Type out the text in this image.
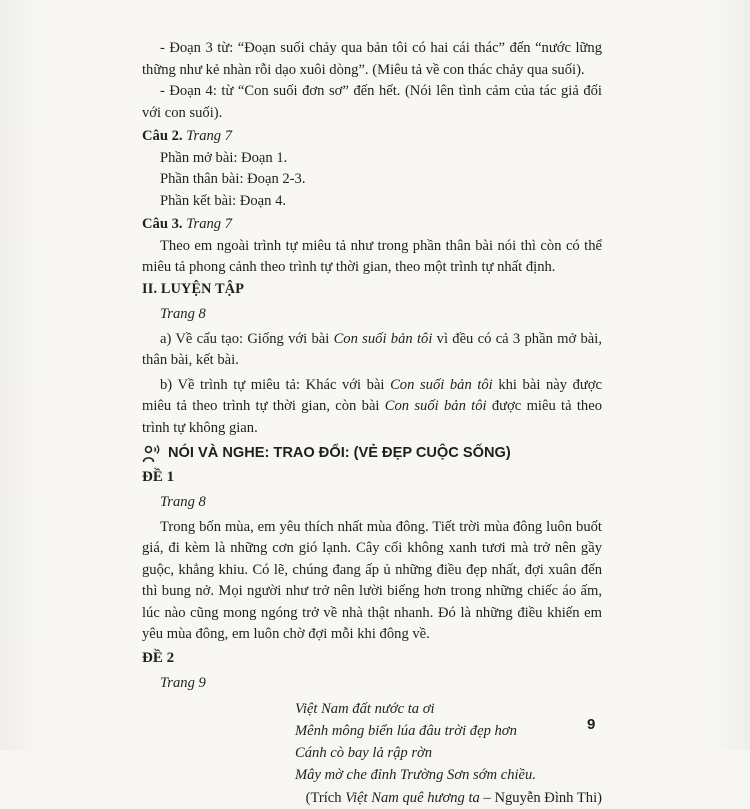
- Đoạn 3 từ: “Đoạn suối chảy qua bản tôi có hai cái thác” đến “nước lững thững như kẻ nhàn rỗi dạo xuôi dòng”. (Miêu tả về con thác chảy qua suối).

- Đoạn 4: từ “Con suối đơn sơ” đến hết. (Nói lên tình cảm của tác giả đối với con suối).

Câu 2. Trang 7

Phần mở bài: Đoạn 1.

Phần thân bài: Đoạn 2-3.

Phần kết bài: Đoạn 4.

Câu 3. Trang 7

Theo em ngoài trình tự miêu tả như trong phần thân bài nói thì còn có thể miêu tả phong cảnh theo trình tự thời gian, theo một trình tự nhất định.

II. LUYỆN TẬP

Trang 8

a) Về cấu tạo: Giống với bài Con suối bản tôi vì đều có cả 3 phần mở bài, thân bài, kết bài.

b) Về trình tự miêu tả: Khác với bài Con suối bản tôi khi bài này được miêu tả theo trình tự thời gian, còn bài Con suối bản tôi được miêu tả theo trình tự không gian.

NÓI VÀ NGHE: TRAO ĐỔI: (VẺ ĐẸP CUỘC SỐNG)

ĐỀ 1

Trang 8

Trong bốn mùa, em yêu thích nhất mùa đông. Tiết trời mùa đông luôn buốt giá, đi kèm là những cơn gió lạnh. Cây cối không xanh tươi mà trở nên gầy guộc, khẳng khiu. Có lẽ, chúng đang ấp ủ những điều đẹp nhất, đợi xuân đến thì bung nở. Mọi người như trở nên lười biếng hơn trong những chiếc áo ấm, lúc nào cũng mong ngóng trở về nhà thật nhanh. Đó là những điều khiến em yêu mùa đông, em luôn chờ đợi mỗi khi đông về.

ĐỀ 2

Trang 9

Việt Nam đất nước ta ơi

Mênh mông biển lúa đâu trời đẹp hơn

Cánh cò bay lả rập rờn

Mây mờ che đỉnh Trường Sơn sớm chiều.

(Trích Việt Nam quê hương ta – Nguyễn Đình Thi)

9
